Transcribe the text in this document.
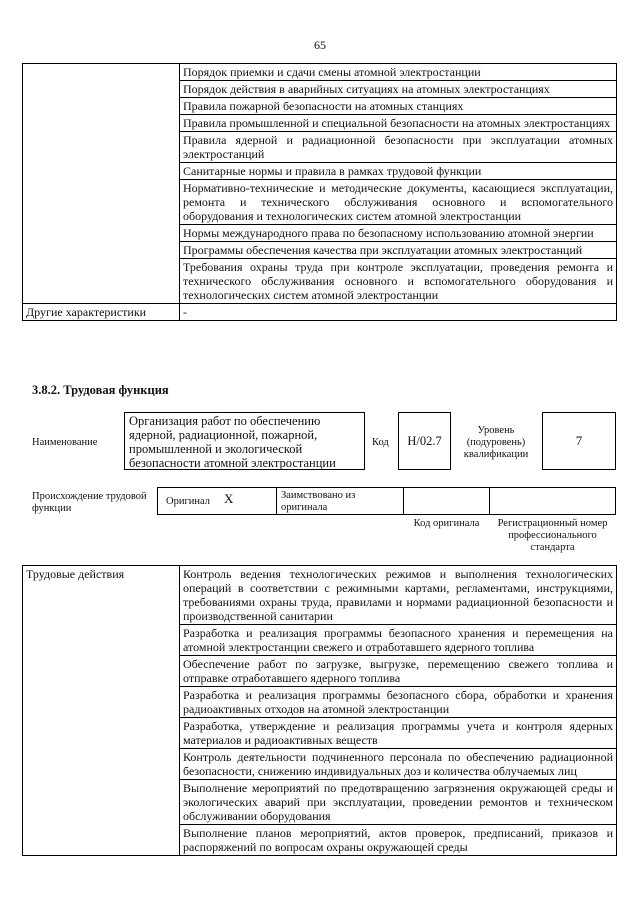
65
	Порядок приемки и сдачи смены атомной электростанции
	Порядок действия в аварийных ситуациях на атомных электростанциях
	Правила пожарной безопасности на атомных станциях
	Правила промышленной и специальной безопасности на атомных электростанциях
	Правила ядерной и радиационной безопасности при эксплуатации атомных электростанций
	Санитарные нормы и правила в рамках трудовой функции
	Нормативно-технические и методические документы, касающиеся эксплуатации, ремонта и технического обслуживания основного и вспомогательного оборудования и технологических систем атомной электростанции
	Нормы международного права по безопасному использованию атомной энергии
	Программы обеспечения качества при эксплуатации атомных электростанций
	Требования охраны труда при контроле эксплуатации, проведения ремонта и технического обслуживания основного и вспомогательного оборудования и технологических систем атомной электростанции
Другие характеристики	-
3.8.2. Трудовая функция
Наименование
Организация работ по обеспечению ядерной, радиационной, пожарной, промышленной и экологической безопасности атомной электростанции
Код H/02.7
Уровень (подуровень) квалификации
7
Происхождение трудовой функции
Оригинал X	Заимствовано из оригинала
Код оригинала	Регистрационный номер профессионального стандарта
Трудовые действия	Контроль ведения технологических режимов и выполнения технологических операций в соответствии с режимными картами, регламентами, инструкциями, требованиями охраны труда, правилами и нормами радиационной безопасности и производственной санитарии
Разработка и реализация программы безопасного хранения и перемещения на атомной электростанции свежего и отработавшего ядерного топлива
Обеспечение работ по загрузке, выгрузке, перемещению свежего топлива и отправке отработавшего ядерного топлива
Разработка и реализация программы безопасного сбора, обработки и хранения радиоактивных отходов на атомной электростанции
Разработка, утверждение и реализация программы учета и контроля ядерных материалов и радиоактивных веществ
Контроль деятельности подчиненного персонала по обеспечению радиационной безопасности, снижению индивидуальных доз и количества облучаемых лиц
Выполнение мероприятий по предотвращению загрязнения окружающей среды и экологических аварий при эксплуатации, проведении ремонтов и техническом обслуживании оборудования
Выполнение планов мероприятий, актов проверок, предписаний, приказов и распоряжений по вопросам охраны окружающей среды
